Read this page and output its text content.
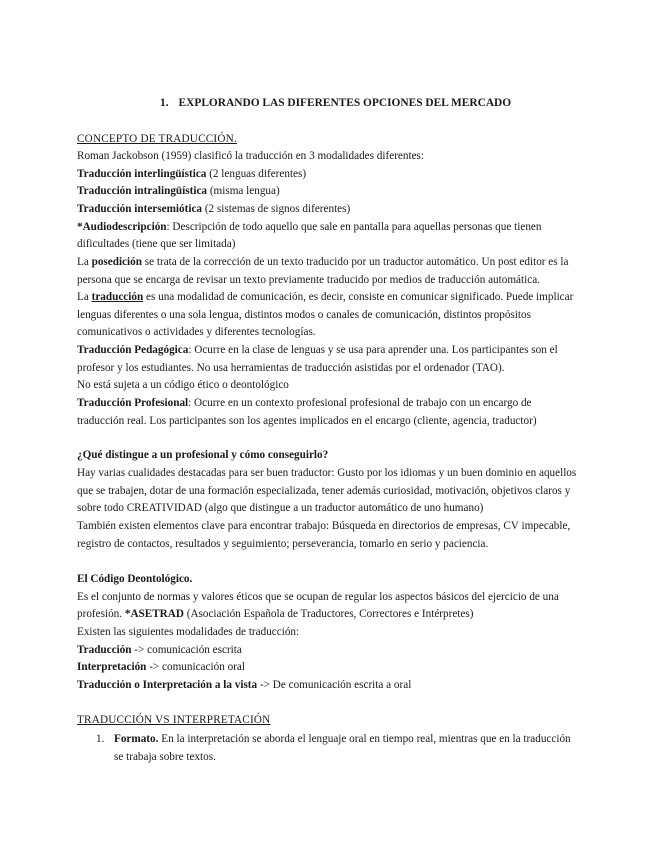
1. EXPLORANDO LAS DIFERENTES OPCIONES DEL MERCADO
CONCEPTO DE TRADUCCIÓN.
Roman Jackobson (1959) clasificó la traducción en 3 modalidades diferentes:
Traducción interlingüística (2 lenguas diferentes)
Traducción intralingüística (misma lengua)
Traducción intersemiótica (2 sistemas de signos diferentes)
*Audiodescripción: Descripción de todo aquello que sale en pantalla para aquellas personas que tienen
dificultades (tiene que ser limitada)
La posedición se trata de la corrección de un texto traducido por un traductor automático. Un post editor es la
persona que se encarga de revisar un texto previamente traducido por medios de traducción automática.
La traducción es una modalidad de comunicación, es decir, consiste en comunicar significado. Puede implicar
lenguas diferentes o una sola lengua, distintos modos o canales de comunicación, distintos propósitos
comunicativos o actividades y diferentes tecnologías.
Traducción Pedagógica: Ocurre en la clase de lenguas y se usa para aprender una. Los participantes son el
profesor y los estudiantes. No usa herramientas de traducción asistidas por el ordenador (TAO).
No está sujeta a un código ético o deontológico
Traducción Profesional: Ocurre en un contexto profesional profesional de trabajo con un encargo de
traducción real. Los participantes son los agentes implicados en el encargo (cliente, agencia, traductor)
¿Qué distingue a un profesional y cómo conseguirlo?
Hay varias cualidades destacadas para ser buen traductor: Gusto por los idiomas y un buen dominio en aquellos
que se trabajen, dotar de una formación especializada, tener además curiosidad, motivación, objetivos claros y
sobre todo CREATIVIDAD (algo que distingue a un traductor automático de uno humano)
También existen elementos clave para encontrar trabajo: Búsqueda en directorios de empresas, CV impecable,
registro de contactos, resultados y seguimiento; perseverancia, tomarlo en serio y paciencia.
El Código Deontológico.
Es el conjunto de normas y valores éticos que se ocupan de regular los aspectos básicos del ejercicio de una
profesión. *ASETRAD (Asociación Española de Traductores, Correctores e Intérpretes)
Existen las siguientes modalidades de traducción:
Traducción -> comunicación escrita
Interpretación -> comunicación oral
Traducción o Interpretación a la vista -> De comunicación escrita a oral
TRADUCCIÓN VS INTERPRETACIÓN
1. Formato. En la interpretación se aborda el lenguaje oral en tiempo real, mientras que en la traducción
se trabaja sobre textos.
